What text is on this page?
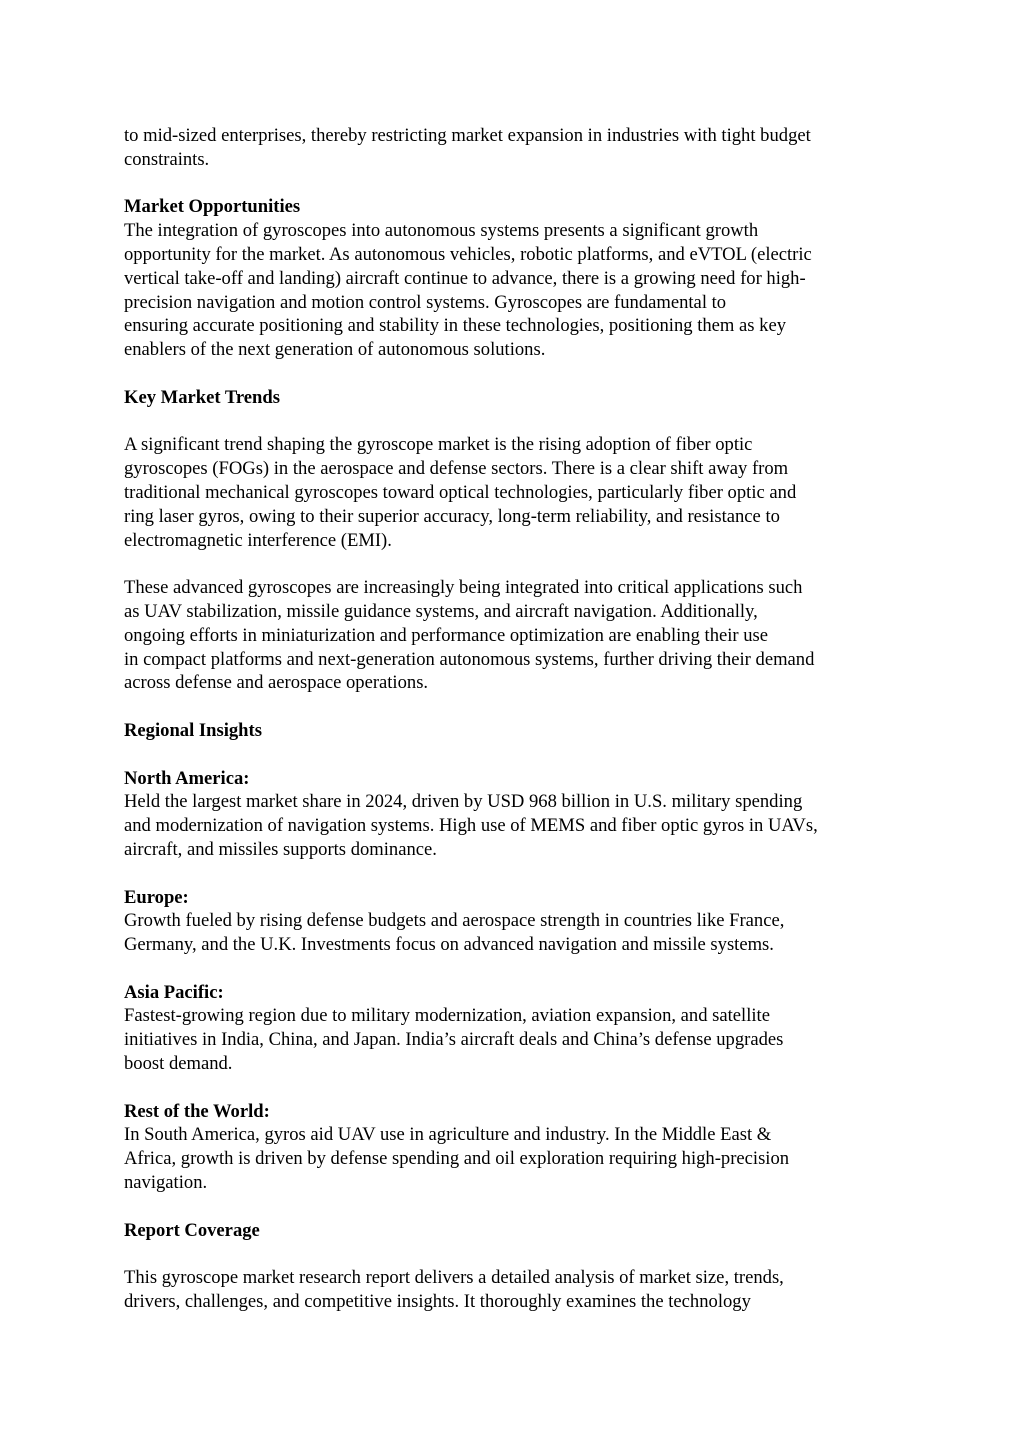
to mid-sized enterprises, thereby restricting market expansion in industries with tight budget
constraints.
Market Opportunities
The integration of gyroscopes into autonomous systems presents a significant growth
opportunity for the market. As autonomous vehicles, robotic platforms, and eVTOL (electric
vertical take-off and landing) aircraft continue to advance, there is a growing need for high-
precision navigation and motion control systems. Gyroscopes are fundamental to
ensuring accurate positioning and stability in these technologies, positioning them as key
enablers of the next generation of autonomous solutions.
Key Market Trends
A significant trend shaping the gyroscope market is the rising adoption of fiber optic
gyroscopes (FOGs) in the aerospace and defense sectors. There is a clear shift away from
traditional mechanical gyroscopes toward optical technologies, particularly fiber optic and
ring laser gyros, owing to their superior accuracy, long-term reliability, and resistance to
electromagnetic interference (EMI).
These advanced gyroscopes are increasingly being integrated into critical applications such
as UAV stabilization, missile guidance systems, and aircraft navigation. Additionally,
ongoing efforts in miniaturization and performance optimization are enabling their use
in compact platforms and next-generation autonomous systems, further driving their demand
across defense and aerospace operations.
Regional Insights
North America:
Held the largest market share in 2024, driven by USD 968 billion in U.S. military spending
and modernization of navigation systems. High use of MEMS and fiber optic gyros in UAVs,
aircraft, and missiles supports dominance.
Europe:
Growth fueled by rising defense budgets and aerospace strength in countries like France,
Germany, and the U.K. Investments focus on advanced navigation and missile systems.
Asia Pacific:
Fastest-growing region due to military modernization, aviation expansion, and satellite
initiatives in India, China, and Japan. India’s aircraft deals and China’s defense upgrades
boost demand.
Rest of the World:
In South America, gyros aid UAV use in agriculture and industry. In the Middle East &
Africa, growth is driven by defense spending and oil exploration requiring high-precision
navigation.
Report Coverage
This gyroscope market research report delivers a detailed analysis of market size, trends,
drivers, challenges, and competitive insights. It thoroughly examines the technology
